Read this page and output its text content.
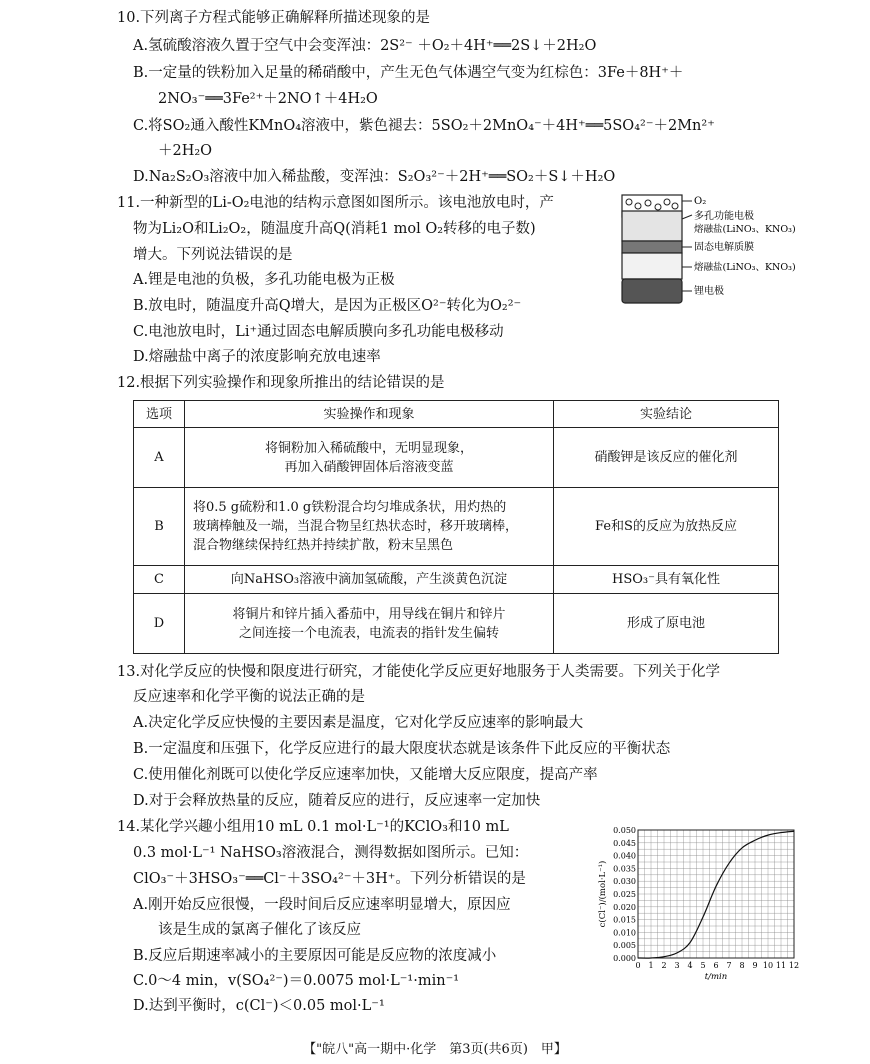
10.下列离子方程式能够正确解释所描述现象的是
A.氢硫酸溶液久置于空气中会变浑浊：2S²⁻ ＋O₂＋4H⁺══2S↓＋2H₂O
B.一定量的铁粉加入足量的稀硝酸中，产生无色气体遇空气变为红棕色：3Fe＋8H⁺＋
2NO₃⁻══3Fe²⁺＋2NO↑＋4H₂O
C.将SO₂通入酸性KMnO₄溶液中，紫色褪去：5SO₂＋2MnO₄⁻＋4H⁺══5SO₄²⁻＋2Mn²⁺
＋2H₂O
D.Na₂S₂O₃溶液中加入稀盐酸，变浑浊：S₂O₃²⁻＋2H⁺══SO₂＋S↓＋H₂O
11.一种新型的Li-O₂电池的结构示意图如图所示。该电池放电时，产
物为Li₂O和Li₂O₂，随温度升高Q(消耗1 mol O₂转移的电子数)
增大。下列说法错误的是
A.锂是电池的负极，多孔功能电极为正极
B.放电时，随温度升高Q增大，是因为正极区O²⁻转化为O₂²⁻
C.电池放电时，Li⁺通过固态电解质膜向多孔功能电极移动
D.熔融盐中离子的浓度影响充放电速率
O₂
多孔功能电极
熔融盐(LiNO₃、KNO₃)
固态电解质膜
熔融盐(LiNO₃、KNO₃)
锂电极
12.根据下列实验操作和现象所推出的结论错误的是
选项	实验操作和现象	实验结论
A	将铜粉加入稀硫酸中，无明显现象，
再加入硝酸钾固体后溶液变蓝	硝酸钾是该反应的催化剂
B	将0.5 g硫粉和1.0 g铁粉混合均匀堆成条状，用灼热的
玻璃棒触及一端，当混合物呈红热状态时，移开玻璃棒，
混合物继续保持红热并持续扩散，粉末呈黑色	Fe和S的反应为放热反应
C	向NaHSO₃溶液中滴加氢硫酸，产生淡黄色沉淀	HSO₃⁻具有氧化性
D	将铜片和锌片插入番茄中，用导线在铜片和锌片
之间连接一个电流表，电流表的指针发生偏转	形成了原电池
13.对化学反应的快慢和限度进行研究，才能使化学反应更好地服务于人类需要。下列关于化学
反应速率和化学平衡的说法正确的是
A.决定化学反应快慢的主要因素是温度，它对化学反应速率的影响最大
B.一定温度和压强下，化学反应进行的最大限度状态就是该条件下此反应的平衡状态
C.使用催化剂既可以使化学反应速率加快，又能增大反应限度，提高产率
D.对于会释放热量的反应，随着反应的进行，反应速率一定加快
14.某化学兴趣小组用10 mL 0.1 mol·L⁻¹的KClO₃和10 mL
0.3 mol·L⁻¹ NaHSO₃溶液混合，测得数据如图所示。已知：
ClO₃⁻＋3HSO₃⁻══Cl⁻＋3SO₄²⁻＋3H⁺。下列分析错误的是
A.刚开始反应很慢，一段时间后反应速率明显增大，原因应
该是生成的氯离子催化了该反应
B.反应后期速率减小的主要原因可能是反应物的浓度减小
C.0～4 min，v(SO₄²⁻)＝0.0075 mol·L⁻¹·min⁻¹
D.达到平衡时，c(Cl⁻)＜0.05 mol·L⁻¹
0.000
0.005
0.010
0.015
0.020
0.025
0.030
0.035
0.040
0.045
0.050
0 1 2 3 4 5 6 7 8 9 10 11 12
t/min
c(Cl⁻)/(mol·L⁻¹)
【"皖八"高一期中·化学　第3页(共6页)　甲】
